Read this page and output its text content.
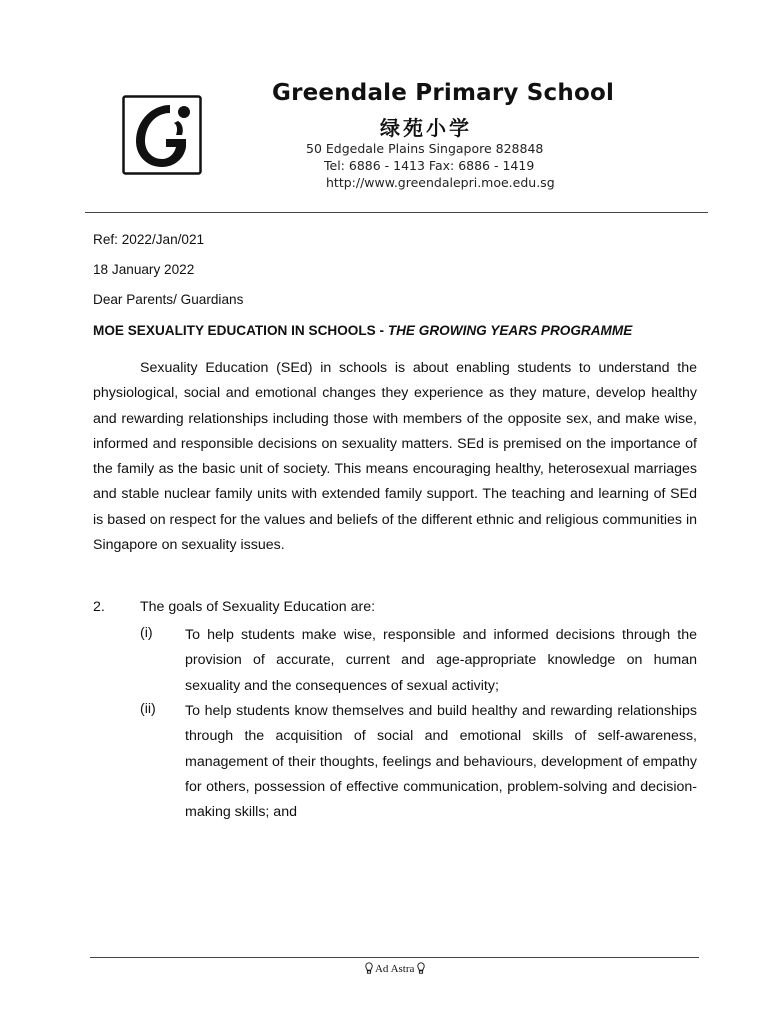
Greendale Primary School
绿苑小学
50 Edgedale Plains Singapore 828848
Tel: 6886 - 1413 Fax: 6886 - 1419
http://www.greendalepri.moe.edu.sg
Ref: 2022/Jan/021
18 January 2022
Dear Parents/ Guardians
MOE SEXUALITY EDUCATION IN SCHOOLS - THE GROWING YEARS PROGRAMME

Sexuality Education (SEd) in schools is about enabling students to understand the physiological, social and emotional changes they experience as they mature, develop healthy and rewarding relationships including those with members of the opposite sex, and make wise, informed and responsible decisions on sexuality matters. SEd is premised on the importance of the family as the basic unit of society. This means encouraging healthy, heterosexual marriages and stable nuclear family units with extended family support. The teaching and learning of SEd is based on respect for the values and beliefs of the different ethnic and religious communities in Singapore on sexuality issues.

2. The goals of Sexuality Education are:
(i) To help students make wise, responsible and informed decisions through the provision of accurate, current and age-appropriate knowledge on human sexuality and the consequences of sexual activity;

(ii) To help students know themselves and build healthy and rewarding relationships through the acquisition of social and emotional skills of self-awareness, management of their thoughts, feelings and behaviours, development of empathy for others, possession of effective communication, problem-solving and decision-making skills; and

Ad Astra
